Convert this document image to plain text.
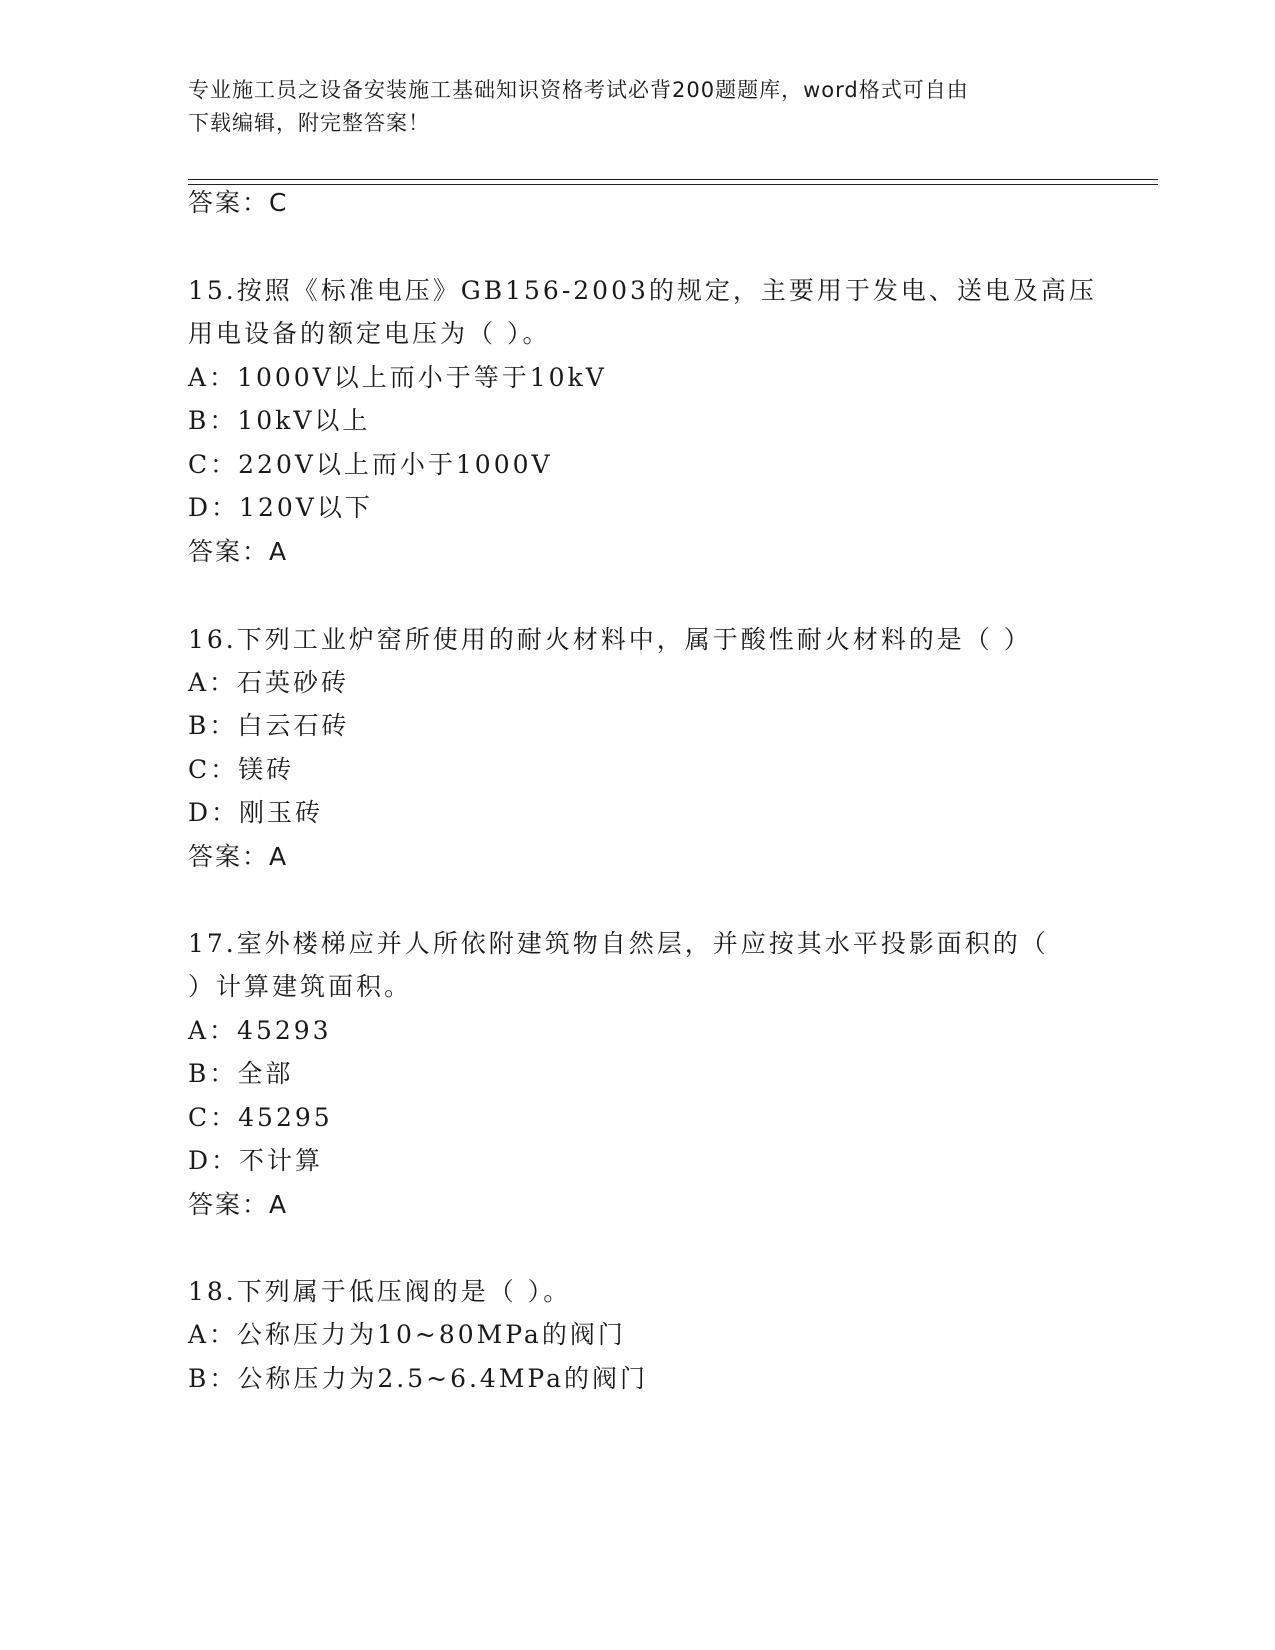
专业施工员之设备安装施工基础知识资格考试必背200题题库，word格式可自由
下载编辑，附完整答案！
答案：C
15.按照《标准电压》GB156-2003的规定，主要用于发电、送电及高压
用电设备的额定电压为（ ）。
A：1000V以上而小于等于10kV
B：10kV以上
C：220V以上而小于1000V
D：120V以下
答案：A
16.下列工业炉窑所使用的耐火材料中，属于酸性耐火材料的是（ ）
A：石英砂砖
B：白云石砖
C：镁砖
D：刚玉砖
答案：A
17.室外楼梯应并人所依附建筑物自然层，并应按其水平投影面积的（
）计算建筑面积。
A：45293
B：全部
C：45295
D：不计算
答案：A
18.下列属于低压阀的是（ ）。
A：公称压力为10~80MPa的阀门
B：公称压力为2.5~6.4MPa的阀门
